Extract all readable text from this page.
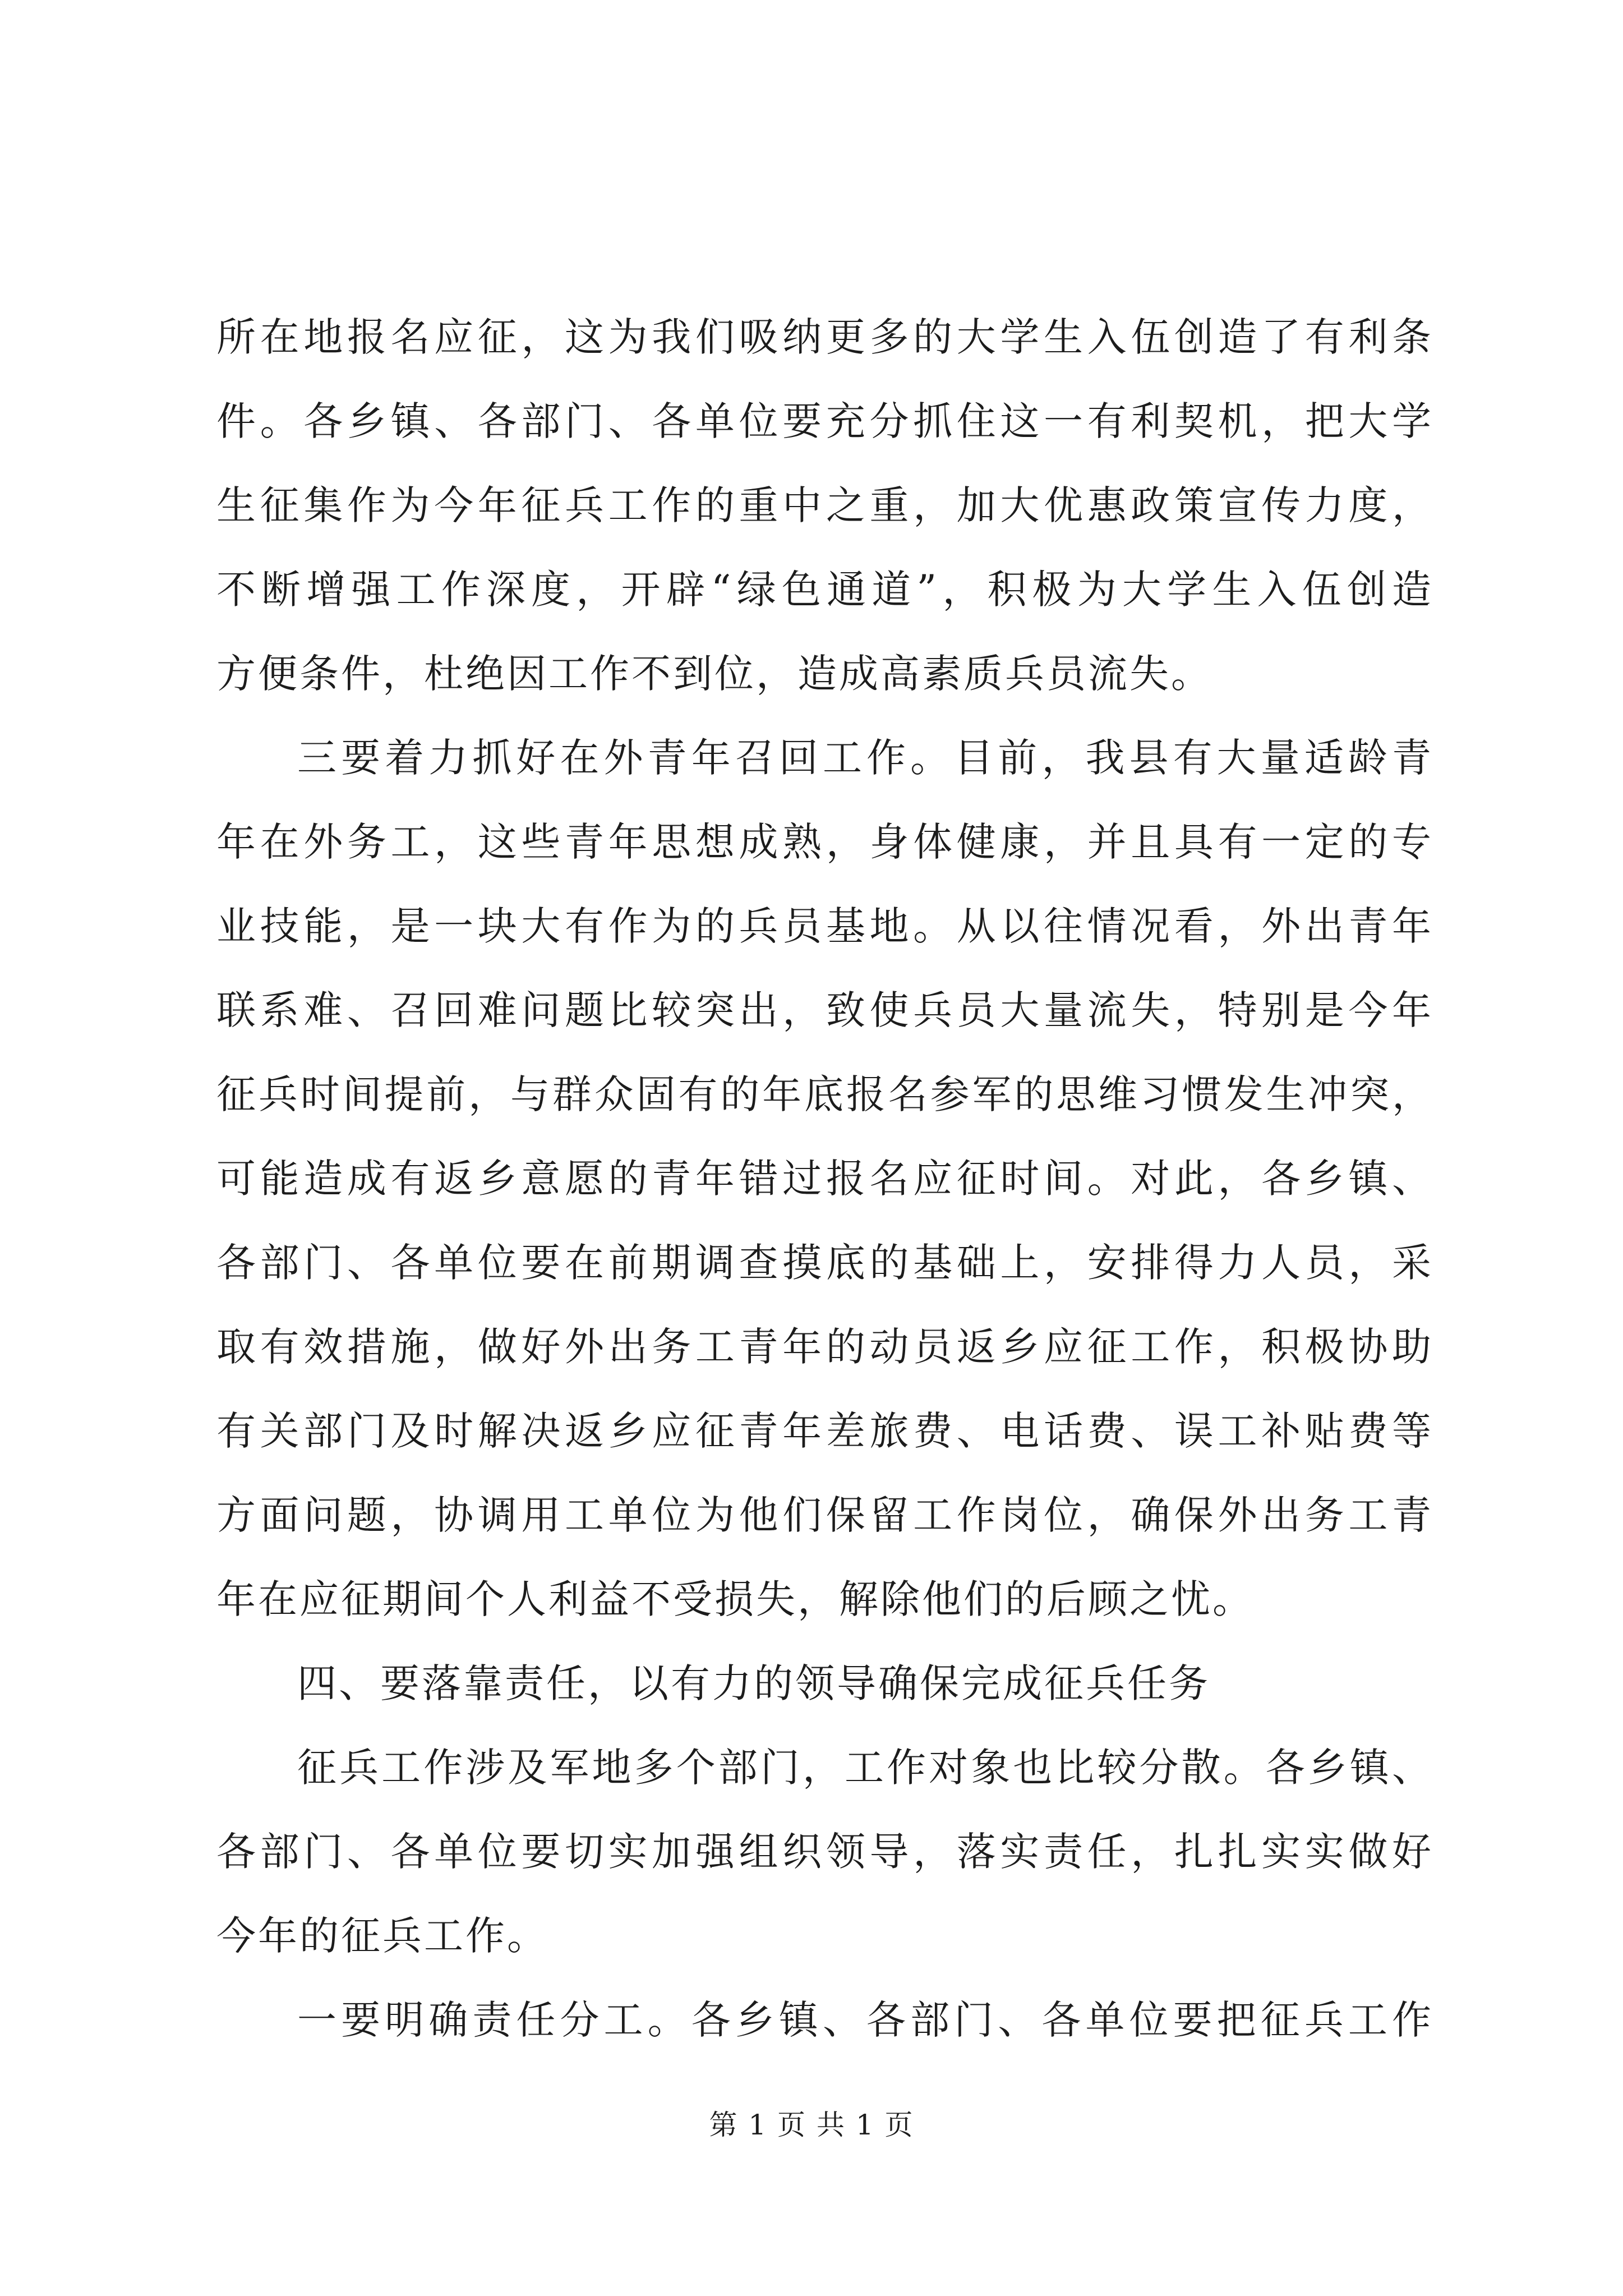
所在地报名应征，这为我们吸纳更多的大学生入伍创造了有利条
件。各乡镇、各部门、各单位要充分抓住这一有利契机，把大学
生征集作为今年征兵工作的重中之重，加大优惠政策宣传力度，
不断增强工作深度，开辟“绿色通道”，积极为大学生入伍创造
方便条件，杜绝因工作不到位，造成高素质兵员流失。
三要着力抓好在外青年召回工作。目前，我县有大量适龄青
年在外务工，这些青年思想成熟，身体健康，并且具有一定的专
业技能，是一块大有作为的兵员基地。从以往情况看，外出青年
联系难、召回难问题比较突出，致使兵员大量流失，特别是今年
征兵时间提前，与群众固有的年底报名参军的思维习惯发生冲突，
可能造成有返乡意愿的青年错过报名应征时间。对此，各乡镇、
各部门、各单位要在前期调查摸底的基础上，安排得力人员，采
取有效措施，做好外出务工青年的动员返乡应征工作，积极协助
有关部门及时解决返乡应征青年差旅费、电话费、误工补贴费等
方面问题，协调用工单位为他们保留工作岗位，确保外出务工青
年在应征期间个人利益不受损失，解除他们的后顾之忧。
四、要落靠责任，以有力的领导确保完成征兵任务
征兵工作涉及军地多个部门，工作对象也比较分散。各乡镇、
各部门、各单位要切实加强组织领导，落实责任，扎扎实实做好
今年的征兵工作。
一要明确责任分工。各乡镇、各部门、各单位要把征兵工作
第 1 页 共 1 页
